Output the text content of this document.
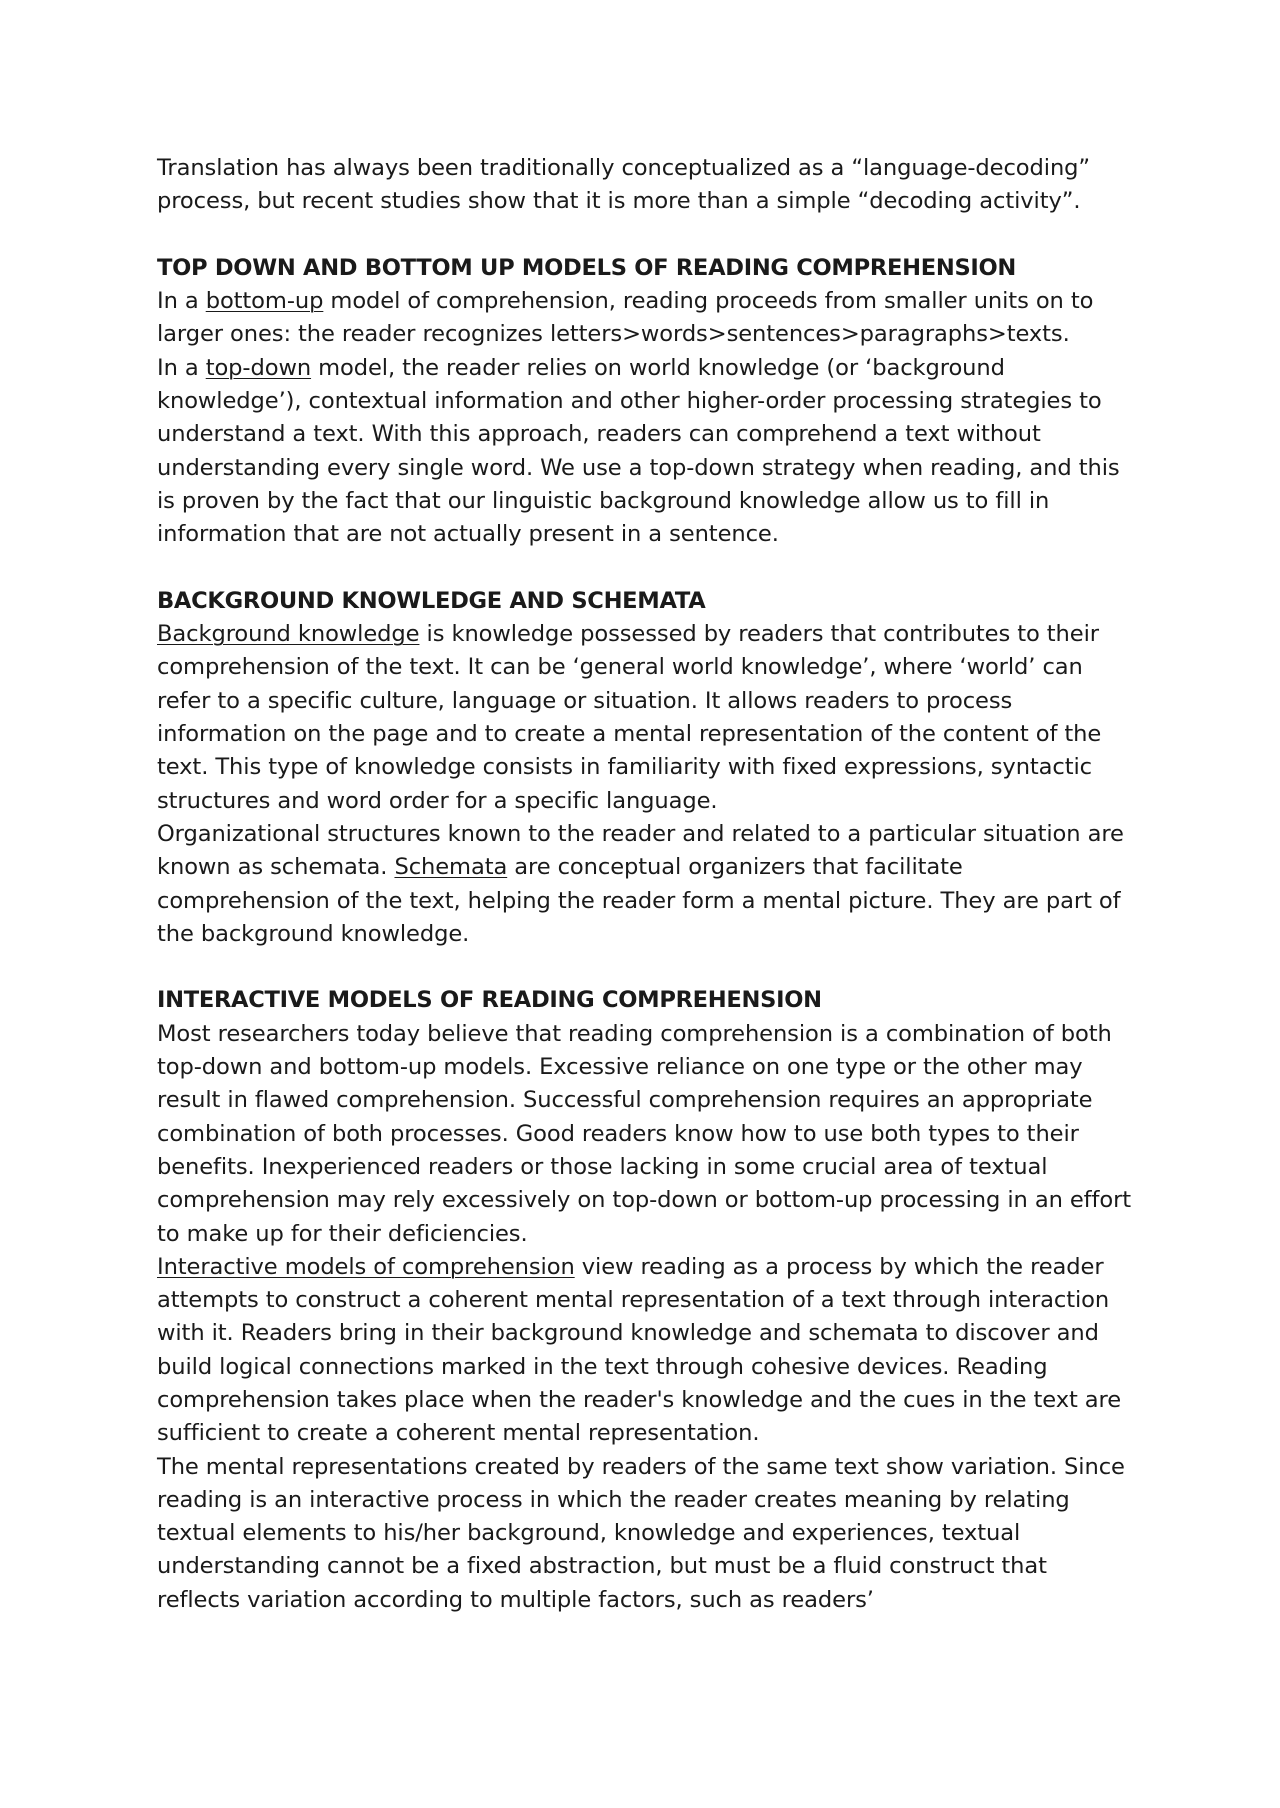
Translation has always been traditionally conceptualized as a “language-decoding” process, but recent studies show that it is more than a simple “decoding activity”.

TOP DOWN AND BOTTOM UP MODELS OF READING COMPREHENSION

In a bottom-up model of comprehension, reading proceeds from smaller units on to larger ones: the reader recognizes letters>words>sentences>paragraphs>texts.

In a top-down model, the reader relies on world knowledge (or ‘background knowledge’), contextual information and other higher-order processing strategies to understand a text. With this approach, readers can comprehend a text without understanding every single word. We use a top-down strategy when reading, and this is proven by the fact that our linguistic background knowledge allow us to fill in information that are not actually present in a sentence.

BACKGROUND KNOWLEDGE AND SCHEMATA

Background knowledge is knowledge possessed by readers that contributes to their comprehension of the text. It can be ‘general world knowledge’, where ‘world’ can refer to a specific culture, language or situation. It allows readers to process information on the page and to create a mental representation of the content of the text. This type of knowledge consists in familiarity with fixed expressions, syntactic structures and word order for a specific language.

Organizational structures known to the reader and related to a particular situation are known as schemata. Schemata are conceptual organizers that facilitate comprehension of the text, helping the reader form a mental picture. They are part of the background knowledge.

INTERACTIVE MODELS OF READING COMPREHENSION

Most researchers today believe that reading comprehension is a combination of both top-down and bottom-up models. Excessive reliance on one type or the other may result in flawed comprehension. Successful comprehension requires an appropriate combination of both processes. Good readers know how to use both types to their benefits. Inexperienced readers or those lacking in some crucial area of textual comprehension may rely excessively on top-down or bottom-up processing in an effort to make up for their deficiencies.

Interactive models of comprehension view reading as a process by which the reader attempts to construct a coherent mental representation of a text through interaction with it. Readers bring in their background knowledge and schemata to discover and build logical connections marked in the text through cohesive devices. Reading comprehension takes place when the reader's knowledge and the cues in the text are sufficient to create a coherent mental representation.

The mental representations created by readers of the same text show variation. Since reading is an interactive process in which the reader creates meaning by relating textual elements to his/her background, knowledge and experiences, textual understanding cannot be a fixed abstraction, but must be a fluid construct that reflects variation according to multiple factors, such as readers’
